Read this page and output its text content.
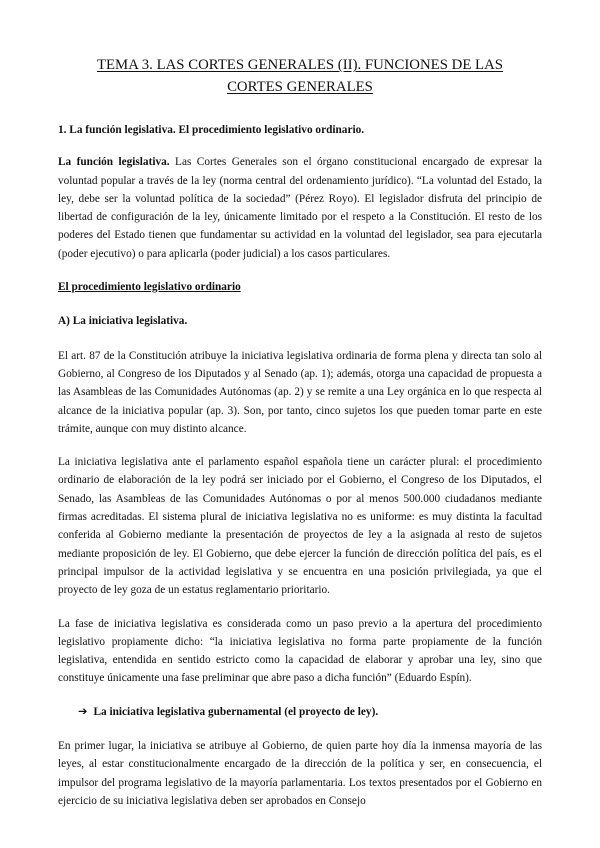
TEMA 3. LAS CORTES GENERALES (II). FUNCIONES DE LAS CORTES GENERALES
1. La función legislativa. El procedimiento legislativo ordinario.

La función legislativa. Las Cortes Generales son el órgano constitucional encargado de expresar la voluntad popular a través de la ley (norma central del ordenamiento jurídico). “La voluntad del Estado, la ley, debe ser la voluntad política de la sociedad” (Pérez Royo). El legislador disfruta del principio de libertad de configuración de la ley, únicamente limitado por el respeto a la Constitución. El resto de los poderes del Estado tienen que fundamentar su actividad en la voluntad del legislador, sea para ejecutarla (poder ejecutivo) o para aplicarla (poder judicial) a los casos particulares.

El procedimiento legislativo ordinario
A) La iniciativa legislativa.

El art. 87 de la Constitución atribuye la iniciativa legislativa ordinaria de forma plena y directa tan solo al Gobierno, al Congreso de los Diputados y al Senado (ap. 1); además, otorga una capacidad de propuesta a las Asambleas de las Comunidades Autónomas (ap. 2) y se remite a una Ley orgánica en lo que respecta al alcance de la iniciativa popular (ap. 3). Son, por tanto, cinco sujetos los que pueden tomar parte en este trámite, aunque con muy distinto alcance.

La iniciativa legislativa ante el parlamento español española tiene un carácter plural: el procedimiento ordinario de elaboración de la ley podrá ser iniciado por el Gobierno, el Congreso de los Diputados, el Senado, las Asambleas de las Comunidades Autónomas o por al menos 500.000 ciudadanos mediante firmas acreditadas. El sistema plural de iniciativa legislativa no es uniforme: es muy distinta la facultad conferida al Gobierno mediante la presentación de proyectos de ley a la asignada al resto de sujetos mediante proposición de ley. El Gobierno, que debe ejercer la función de dirección política del país, es el principal impulsor de la actividad legislativa y se encuentra en una posición privilegiada, ya que el proyecto de ley goza de un estatus reglamentario prioritario.

La fase de iniciativa legislativa es considerada como un paso previo a la apertura del procedimiento legislativo propiamente dicho: “la iniciativa legislativa no forma parte propiamente de la función legislativa, entendida en sentido estricto como la capacidad de elaborar y aprobar una ley, sino que constituye únicamente una fase preliminar que abre paso a dicha función” (Eduardo Espín).

➔ La iniciativa legislativa gubernamental (el proyecto de ley).

En primer lugar, la iniciativa se atribuye al Gobierno, de quien parte hoy día la inmensa mayoría de las leyes, al estar constitucionalmente encargado de la dirección de la política y ser, en consecuencia, el impulsor del programa legislativo de la mayoría parlamentaria. Los textos presentados por el Gobierno en ejercicio de su iniciativa legislativa deben ser aprobados en Consejo
